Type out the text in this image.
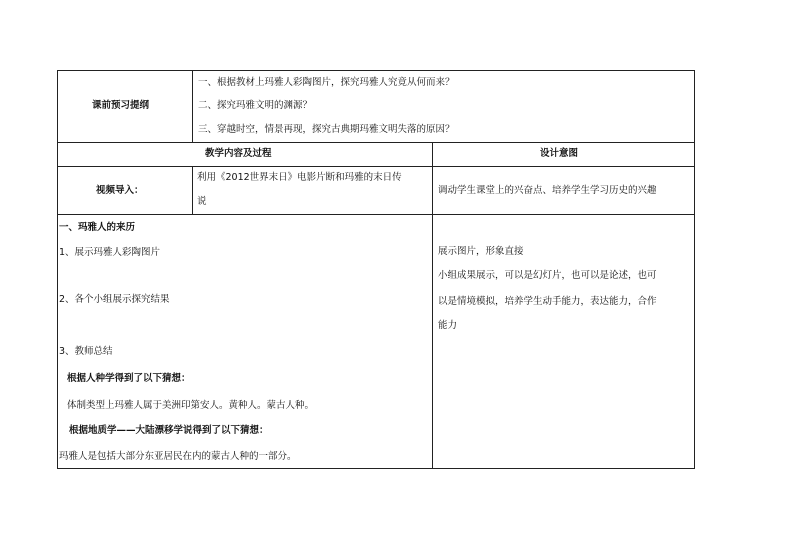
课前预习提纲
一、根据教材上玛雅人彩陶图片，探究玛雅人究竟从何而来？
二、探究玛雅文明的渊源？
三、穿越时空，情景再现，探究古典期玛雅文明失落的原因？
教学内容及过程	设计意图
视频导入：
利用《2012世界末日》电影片断和玛雅的末日传
说
调动学生课堂上的兴奋点、培养学生学习历史的兴趣
一、玛雅人的来历
1、展示玛雅人彩陶图片
2、各个小组展示探究结果
3、教师总结
根据人种学得到了以下猜想：
体制类型上玛雅人属于美洲印第安人。黄种人。蒙古人种。
根据地质学——大陆漂移学说得到了以下猜想：
玛雅人是包括大部分东亚居民在内的蒙古人种的一部分。
展示图片，形象直接
小组成果展示，可以是幻灯片，也可以是论述，也可
以是情境模拟，培养学生动手能力，表达能力，合作
能力
